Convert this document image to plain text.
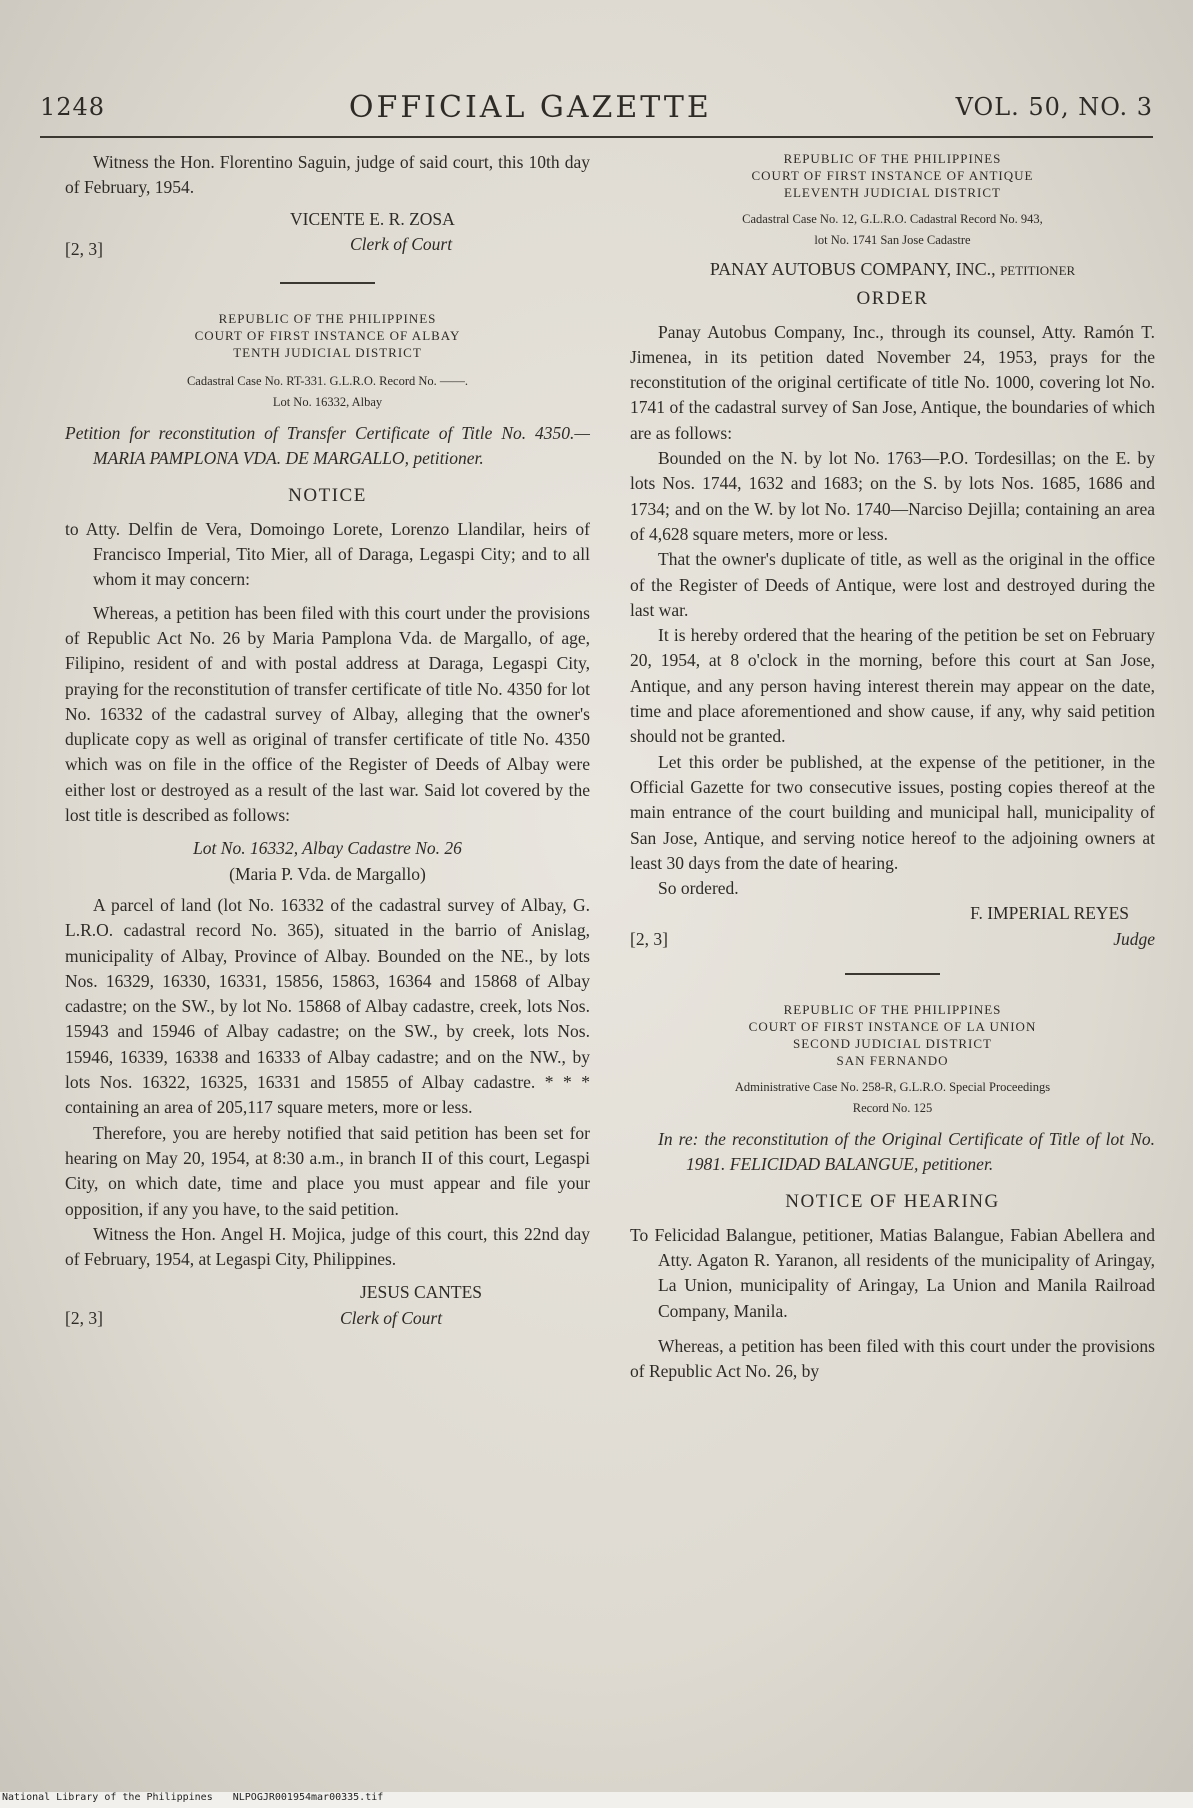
1248	OFFICIAL GAZETTE	VOL. 50, NO. 3

Witness the Hon. Florentino Saguin, judge of said court, this 10th day of February, 1954.

[2, 3]
VICENTE E. R. ZOSA
Clerk of Court
REPUBLIC OF THE PHILIPPINES
COURT OF FIRST INSTANCE OF ALBAY
TENTH JUDICIAL DISTRICT
Cadastral Case No. RT-331. G.L.R.O. Record No. ——.
Lot No. 16332, Albay

Petition for reconstitution of Transfer Certificate of Title No. 4350.—MARIA PAMPLONA VDA. DE MARGALLO, petitioner.

NOTICE

to Atty. Delfin de Vera, Domoingo Lorete, Lorenzo Llandilar, heirs of Francisco Imperial, Tito Mier, all of Daraga, Legaspi City; and to all whom it may concern:

Whereas, a petition has been filed with this court under the provisions of Republic Act No. 26 by Maria Pamplona Vda. de Margallo, of age, Filipino, resident of and with postal address at Daraga, Legaspi City, praying for the reconstitution of transfer certificate of title No. 4350 for lot No. 16332 of the cadastral survey of Albay, alleging that the owner's duplicate copy as well as original of transfer certificate of title No. 4350 which was on file in the office of the Register of Deeds of Albay were either lost or destroyed as a result of the last war. Said lot covered by the lost title is described as follows:

Lot No. 16332, Albay Cadastre No. 26
(Maria P. Vda. de Margallo)

A parcel of land (lot No. 16332 of the cadastral survey of Albay, G. L.R.O. cadastral record No. 365), situated in the barrio of Anislag, municipality of Albay, Province of Albay. Bounded on the NE., by lots Nos. 16329, 16330, 16331, 15856, 15863, 16364 and 15868 of Albay cadastre; on the SW., by lot No. 15868 of Albay cadastre, creek, lots Nos. 15943 and 15946 of Albay cadastre; on the SW., by creek, lots Nos. 15946, 16339, 16338 and 16333 of Albay cadastre; and on the NW., by lots Nos. 16322, 16325, 16331 and 15855 of Albay cadastre. * * * containing an area of 205,117 square meters, more or less.

Therefore, you are hereby notified that said petition has been set for hearing on May 20, 1954, at 8:30 a.m., in branch II of this court, Legaspi City, on which date, time and place you must appear and file your opposition, if any you have, to the said petition.

Witness the Hon. Angel H. Mojica, judge of this court, this 22nd day of February, 1954, at Legaspi City, Philippines.

[2, 3]
JESUS CANTES
Clerk of Court
REPUBLIC OF THE PHILIPPINES
COURT OF FIRST INSTANCE OF ANTIQUE
ELEVENTH JUDICIAL DISTRICT
Cadastral Case No. 12, G.L.R.O. Cadastral Record No. 943,
lot No. 1741 San Jose Cadastre
PANAY AUTOBUS COMPANY, INC., petitioner
ORDER

Panay Autobus Company, Inc., through its counsel, Atty. Ramón T. Jimenea, in its petition dated November 24, 1953, prays for the reconstitution of the original certificate of title No. 1000, covering lot No. 1741 of the cadastral survey of San Jose, Antique, the boundaries of which are as follows:

Bounded on the N. by lot No. 1763—P.O. Tordesillas; on the E. by lots Nos. 1744, 1632 and 1683; on the S. by lots Nos. 1685, 1686 and 1734; and on the W. by lot No. 1740—Narciso Dejilla; containing an area of 4,628 square meters, more or less.

That the owner's duplicate of title, as well as the original in the office of the Register of Deeds of Antique, were lost and destroyed during the last war.

It is hereby ordered that the hearing of the petition be set on February 20, 1954, at 8 o'clock in the morning, before this court at San Jose, Antique, and any person having interest therein may appear on the date, time and place aforementioned and show cause, if any, why said petition should not be granted.

Let this order be published, at the expense of the petitioner, in the Official Gazette for two consecutive issues, posting copies thereof at the main entrance of the court building and municipal hall, municipality of San Jose, Antique, and serving notice hereof to the adjoining owners at least 30 days from the date of hearing.

So ordered.

[2, 3]
F. IMPERIAL REYES
Judge
REPUBLIC OF THE PHILIPPINES
COURT OF FIRST INSTANCE OF LA UNION
SECOND JUDICIAL DISTRICT
SAN FERNANDO
Administrative Case No. 258-R, G.L.R.O. Special Proceedings
Record No. 125

In re: the reconstitution of the Original Certificate of Title of lot No. 1981. FELICIDAD BALANGUE, petitioner.

NOTICE OF HEARING

To Felicidad Balangue, petitioner, Matias Balangue, Fabian Abellera and Atty. Agaton R. Yaranon, all residents of the municipality of Aringay, La Union, municipality of Aringay, La Union and Manila Railroad Company, Manila.

Whereas, a petition has been filed with this court under the provisions of Republic Act No. 26, by

National Library of the Philippines NLPOGJR001954mar00335.tif
